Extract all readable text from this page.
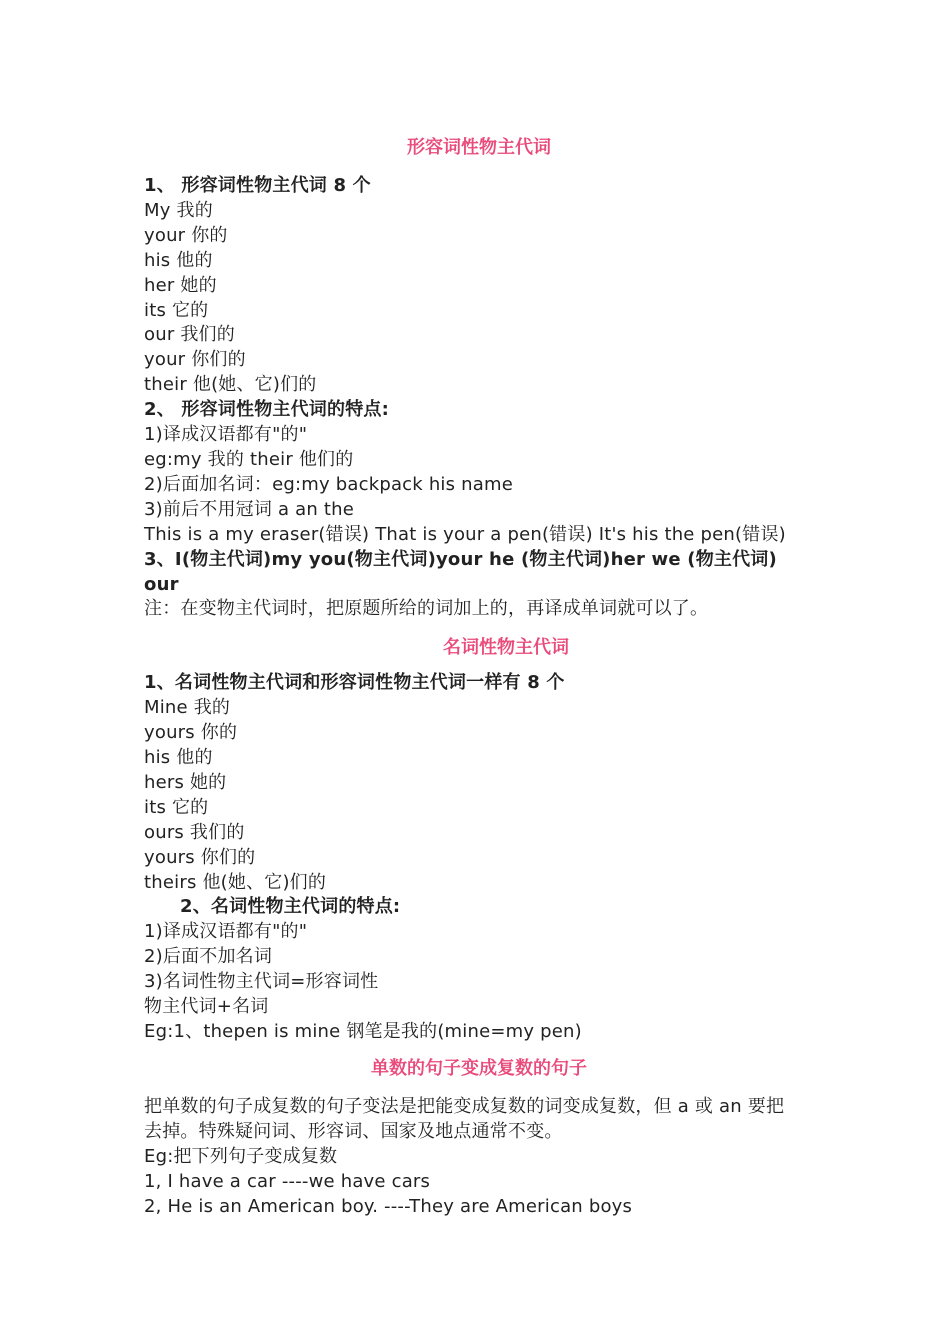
形容词性物主代词
1、 形容词性物主代词 8 个
My 我的
your 你的
his 他的
her 她的
its 它的
our 我们的
your 你们的
their 他(她、它)们的
2、 形容词性物主代词的特点:
1)译成汉语都有"的"
eg:my 我的 their 他们的
2)后面加名词：eg:my backpack his name
3)前后不用冠词 a an the
This is a my eraser(错误) That is your a pen(错误) It's his the pen(错误)
3、I(物主代词)my you(物主代词)your he (物主代词)her we (物主代词)
our
注：在变物主代词时，把原题所给的词加上的，再译成单词就可以了。
名词性物主代词
1、名词性物主代词和形容词性物主代词一样有 8 个
Mine 我的
yours 你的
his 他的
hers 她的
its 它的
ours 我们的
yours 你们的
theirs 他(她、它)们的
2、名词性物主代词的特点:
1)译成汉语都有"的"
2)后面不加名词
3)名词性物主代词=形容词性
物主代词+名词
Eg:1、thepen is mine 钢笔是我的(mine=my pen)
单数的句子变成复数的句子
把单数的句子成复数的句子变法是把能变成复数的词变成复数，但 a 或 an 要把
去掉。特殊疑问词、形容词、国家及地点通常不变。
Eg:把下列句子变成复数
1, I have a car ----we have cars
2, He is an American boy. ----They are American boys
